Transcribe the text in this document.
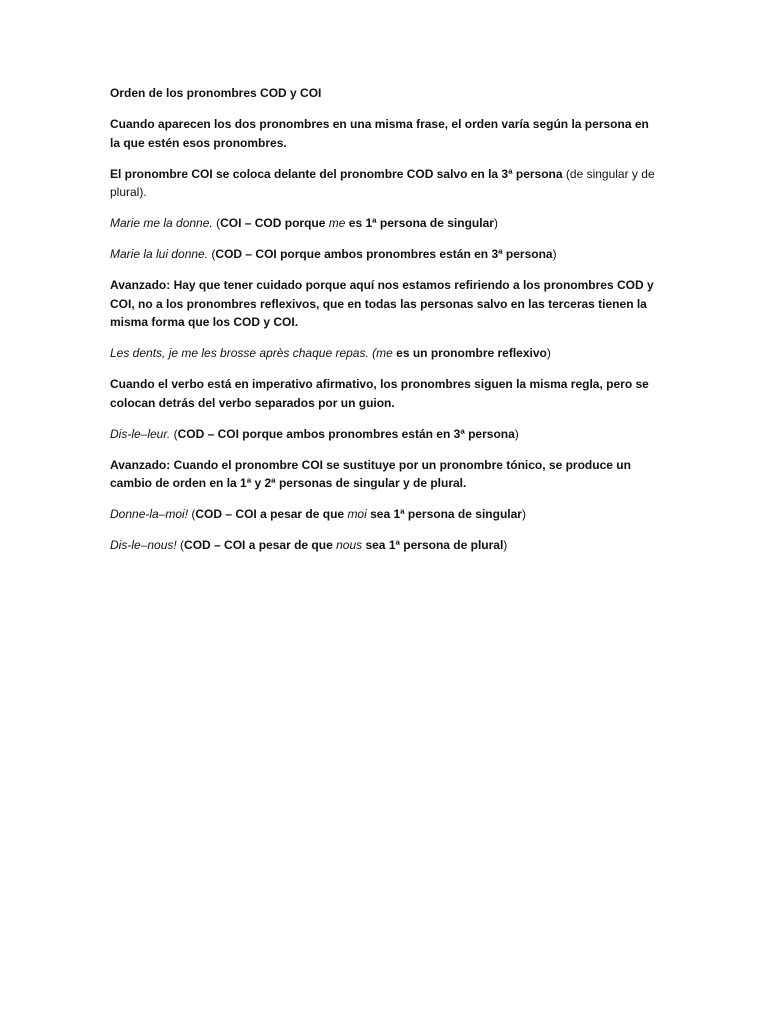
Orden de los pronombres COD y COI

Cuando aparecen los dos pronombres en una misma frase, el orden varía según la persona en la que estén esos pronombres.

El pronombre COI se coloca delante del pronombre COD salvo en la 3ª persona (de singular y de plural).

Marie me la donne. (COI – COD porque me es 1ª persona de singular)

Marie la lui donne. (COD – COI porque ambos pronombres están en 3ª persona)

Avanzado: Hay que tener cuidado porque aquí nos estamos refiriendo a los pronombres COD y COI, no a los pronombres reflexivos, que en todas las personas salvo en las terceras tienen la misma forma que los COD y COI.

Les dents, je me les brosse après chaque repas. (me es un pronombre reflexivo)

Cuando el verbo está en imperativo afirmativo, los pronombres siguen la misma regla, pero se colocan detrás del verbo separados por un guion.

Dis-le–leur. (COD – COI porque ambos pronombres están en 3ª persona)

Avanzado: Cuando el pronombre COI se sustituye por un pronombre tónico, se produce un cambio de orden en la 1ª y 2ª personas de singular y de plural.

Donne-la–moi! (COD – COI a pesar de que moi sea 1ª persona de singular)

Dis-le–nous! (COD – COI a pesar de que nous sea 1ª persona de plural)
